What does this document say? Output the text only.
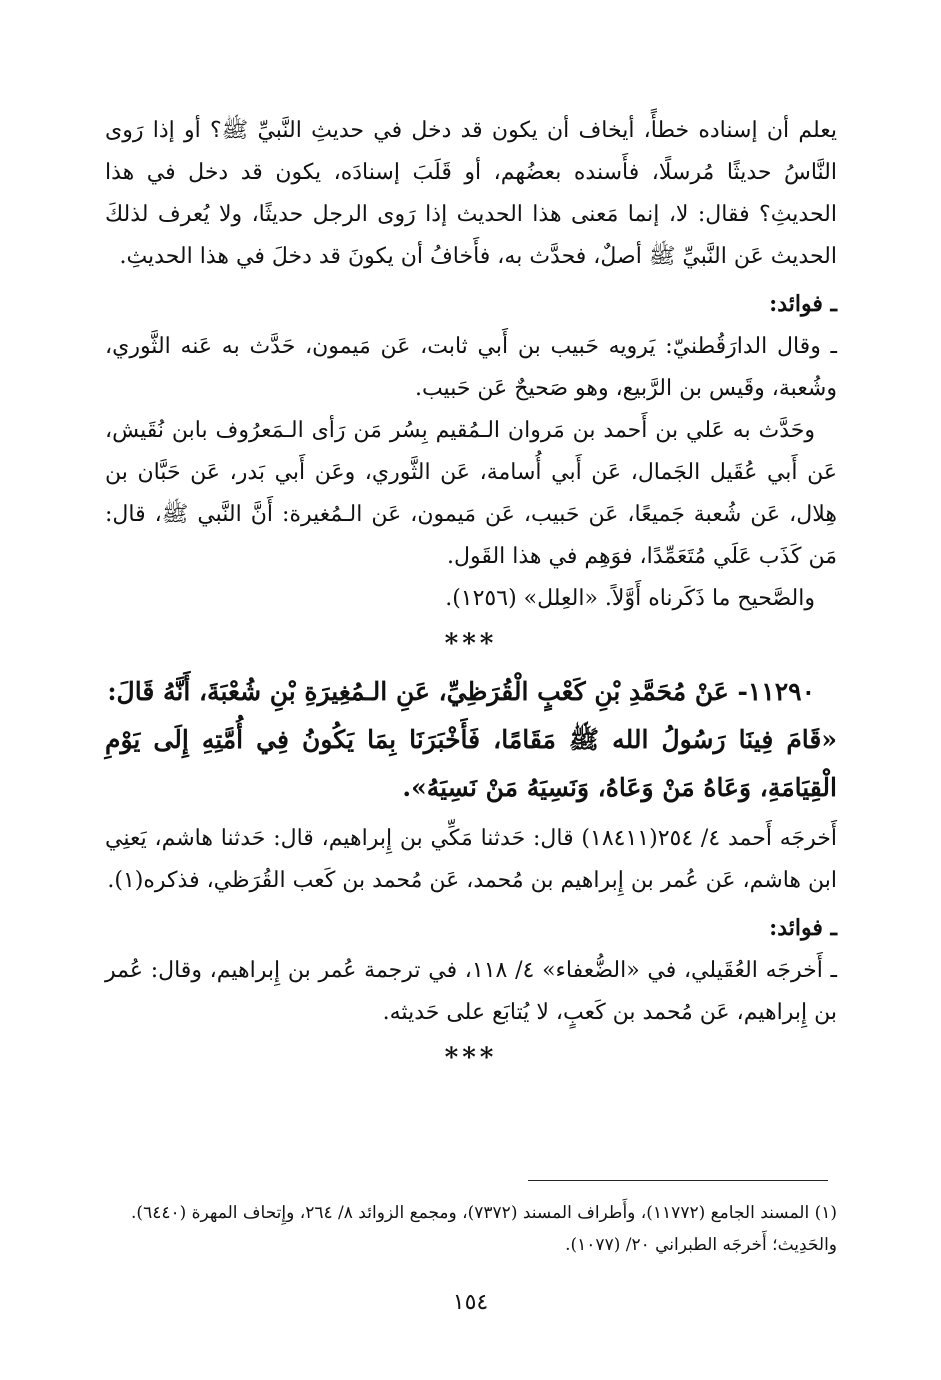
يعلم أن إسناده خطأً، أيخاف أن يكون قد دخل في حديثِ النَّبيِّ ﷺ؟ أو إذا رَوى النَّاسُ حديثًا مُرسلًا، فأَسنده بعضُهم، أو قَلَبَ إسنادَه، يكون قد دخل في هذا الحديثِ؟ فقال: لا، إنما مَعنى هذا الحديث إذا رَوى الرجل حديثًا، ولا يُعرف لذلكَ الحديث عَن النَّبيِّ ﷺ أصلٌ، فحدَّث به، فأَخافُ أن يكونَ قد دخلَ في هذا الحديثِ.

ـ فوائد:

ـ وقال الدارَقُطنيّ: يَرويه حَبيب بن أَبي ثابت، عَن مَيمون، حَدَّث به عَنه الثَّوري، وشُعبة، وقَيس بن الرَّبيع، وهو صَحيحٌ عَن حَبيب.

وحَدَّث به عَلي بن أَحمد بن مَروان الـمُقيم بِسُر مَن رَأى الـمَعرُوف بابن نُقَيش، عَن أَبي عُقَيل الجَمال، عَن أَبي أُسامة، عَن الثَّوري، وعَن أَبي بَدر، عَن حَبَّان بن هِلال، عَن شُعبة جَميعًا، عَن حَبيب، عَن مَيمون، عَن الـمُغيرة: أَنَّ النَّبي ﷺ، قال: مَن كَذَب عَلَي مُتَعَمِّدًا، فوَهِم في هذا القَول.

والصَّحيح ما ذَكَرناه أَوَّلاً. «العِلل» (١٢٥٦).

***

١١٢٩٠- عَنْ مُحَمَّدِ بْنِ كَعْبٍ الْقُرَظِيِّ، عَنِ الـمُغِيرَةِ بْنِ شُعْبَةَ، أَنَّهُ قَالَ:

«قَامَ فِينَا رَسُولُ الله ﷺ مَقَامًا، فَأَخْبَرَنَا بِمَا يَكُونُ فِي أُمَّتِهِ إِلَى يَوْمِ الْقِيَامَةِ، وَعَاهُ مَنْ وَعَاهُ، وَنَسِيَهُ مَنْ نَسِيَهُ».

أَخرجَه أَحمد ٤/ ٢٥٤(١٨٤١١) قال: حَدثنا مَكِّي بن إِبراهيم، قال: حَدثنا هاشم، يَعنِي ابن هاشم، عَن عُمر بن إِبراهيم بن مُحمد، عَن مُحمد بن كَعب القُرَظي، فذكره(١).

ـ فوائد:

ـ أَخرجَه العُقَيلي، في «الضُّعفاء» ٤/ ١١٨، في ترجمة عُمر بن إِبراهيم، وقال: عُمر بن إِبراهيم، عَن مُحمد بن كَعبٍ، لا يُتابَع على حَديثه.

***

(١) المسند الجامع (١١٧٧٢)، وأَطراف المسند (٧٣٧٢)، ومجمع الزوائد ٨/ ٢٦٤، وإِتحاف المهرة (٦٤٤٠).

والحَدِيث؛ أَخرجَه الطبراني ٢٠/ (١٠٧٧).

١٥٤
